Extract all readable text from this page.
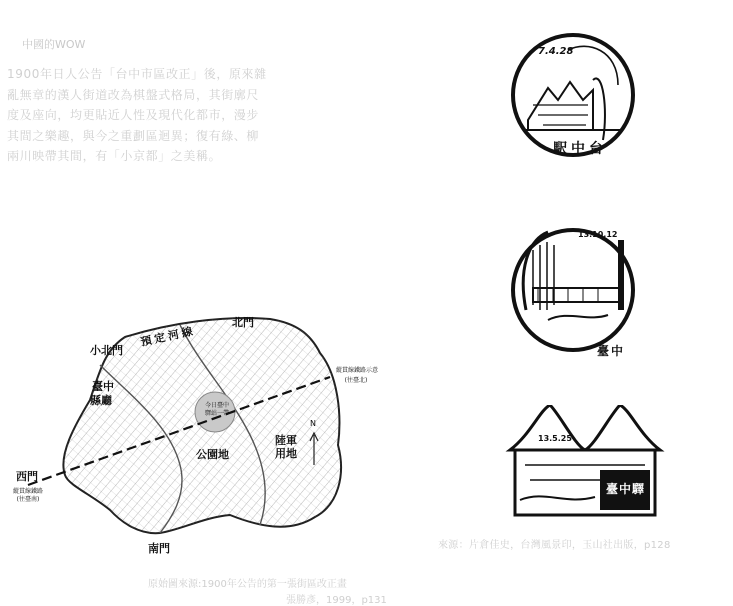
中國的WOW
1900年日人公告「台中市區改正」後，原來雜亂無章的漢人街道改為棋盤式格局，其街廓尺度及座向，均更貼近人性及現代化都市，漫步其間之樂趣，與今之重劃區迴異；復有綠、柳兩川映帶其間，有「小京都」之美稱。
北門
小北門
預定河線
臺中
縣廳	今日臺中驛站一帶
縱貫線鐵路示意
(往臺北)
西門
縱貫線鐵路
(往臺南)
公園地
陸軍
用地
N
南門
原始圖來源:1900年公告的第一張街區改正畫
張勝彥，1999，p131
7.4.28
駅中台
13.10.12
臺中
13.5.25
臺中驛
來源：片倉佳史，台灣風景印，玉山社出版，p128
